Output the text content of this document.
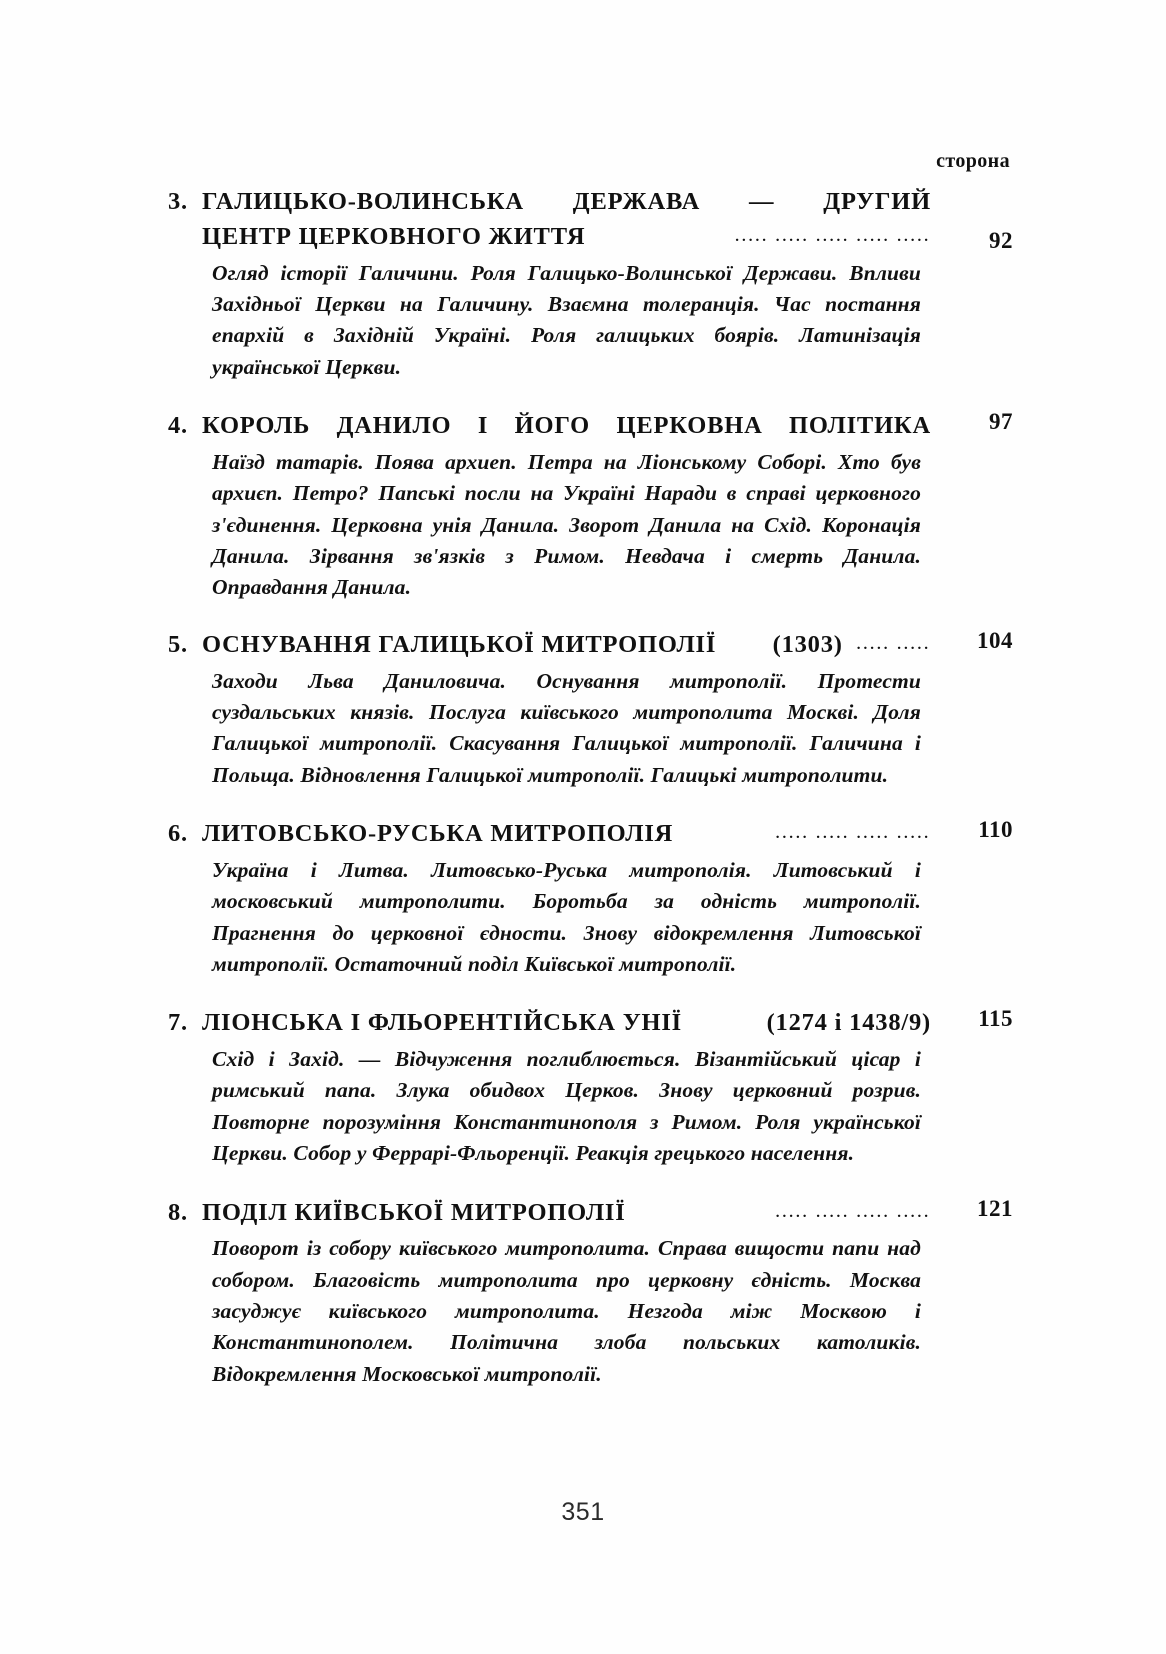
сторона
3. ГАЛИЦЬКО-ВОЛИНСЬКА ДЕРЖАВА — ДРУГИЙ
ЦЕНТР ЦЕРКОВНОГО ЖИТТЯ	..... ..... ..... ..... .....	92
Огляд історії Галичини. Роля Галицько-Волинської Держави. Впливи Західньої Церкви на Галичину. Взаємна толеранція. Час постання епархій в Західній Україні. Роля галицьких боярів. Латинізація української Церкви.
4. КОРОЛЬ ДАНИЛО І ЙОГО ЦЕРКОВНА ПОЛІТИКА	97
Наїзд татарів. Поява архиеп. Петра на Ліонському Соборі. Хто був архиєп. Петро? Папські посли на Україні Наради в справі церковного з'єдинення. Церковна унія Данила. Зворот Данила на Схід. Коронація Данила. Зірвання зв'язків з Римом. Невдача і смерть Данила. Оправдання Данила.
5. ОСНУВАННЯ ГАЛИЦЬКОЇ МИТРОПОЛІЇ	(1303) ..... .....	104
Заходи Льва Даниловича. Оснування митрополії. Протести суздальських князів. Послуга київського митрополита Москві. Доля Галицької митрополії. Скасування Галицької митрополії. Галичина і Польща. Відновлення Галицької митрополії. Галицькі митрополити.
6. ЛИТОВСЬКО-РУСЬКА МИТРОПОЛІЯ	..... ..... ..... .....	110
Україна і Литва. Литовсько-Руська митрополія. Литовський і московський митрополити. Боротьба за одність митрополії. Прагнення до церковної єдности. Знову відокремлення Литовської митрополії. Остаточний поділ Київської митрополії.
7. ЛІОНСЬКА І ФЛЬОРЕНТІЙСЬКА УНІЇ	(1274 і 1438/9)	115
Схід і Захід. — Відчуження поглиблюється. Візантійський цісар і римський папа. Злука обидвох Церков. Знову церковний розрив. Повторне порозуміння Константинополя з Римом. Роля української Церкви. Собор у Феррарі-Фльоренції. Реакція грецького населення.
8. ПОДІЛ КИЇВСЬКОЇ МИТРОПОЛІЇ	..... ..... ..... .....	121
Поворот із собору київського митрополита. Справа вищости папи над собором. Благовість митрополита про церковну єдність. Москва засуджує київського митрополита. Незгода між Москвою і Константинополем. Політична злоба польських католиків. Відокремлення Московської митрополії.
351
